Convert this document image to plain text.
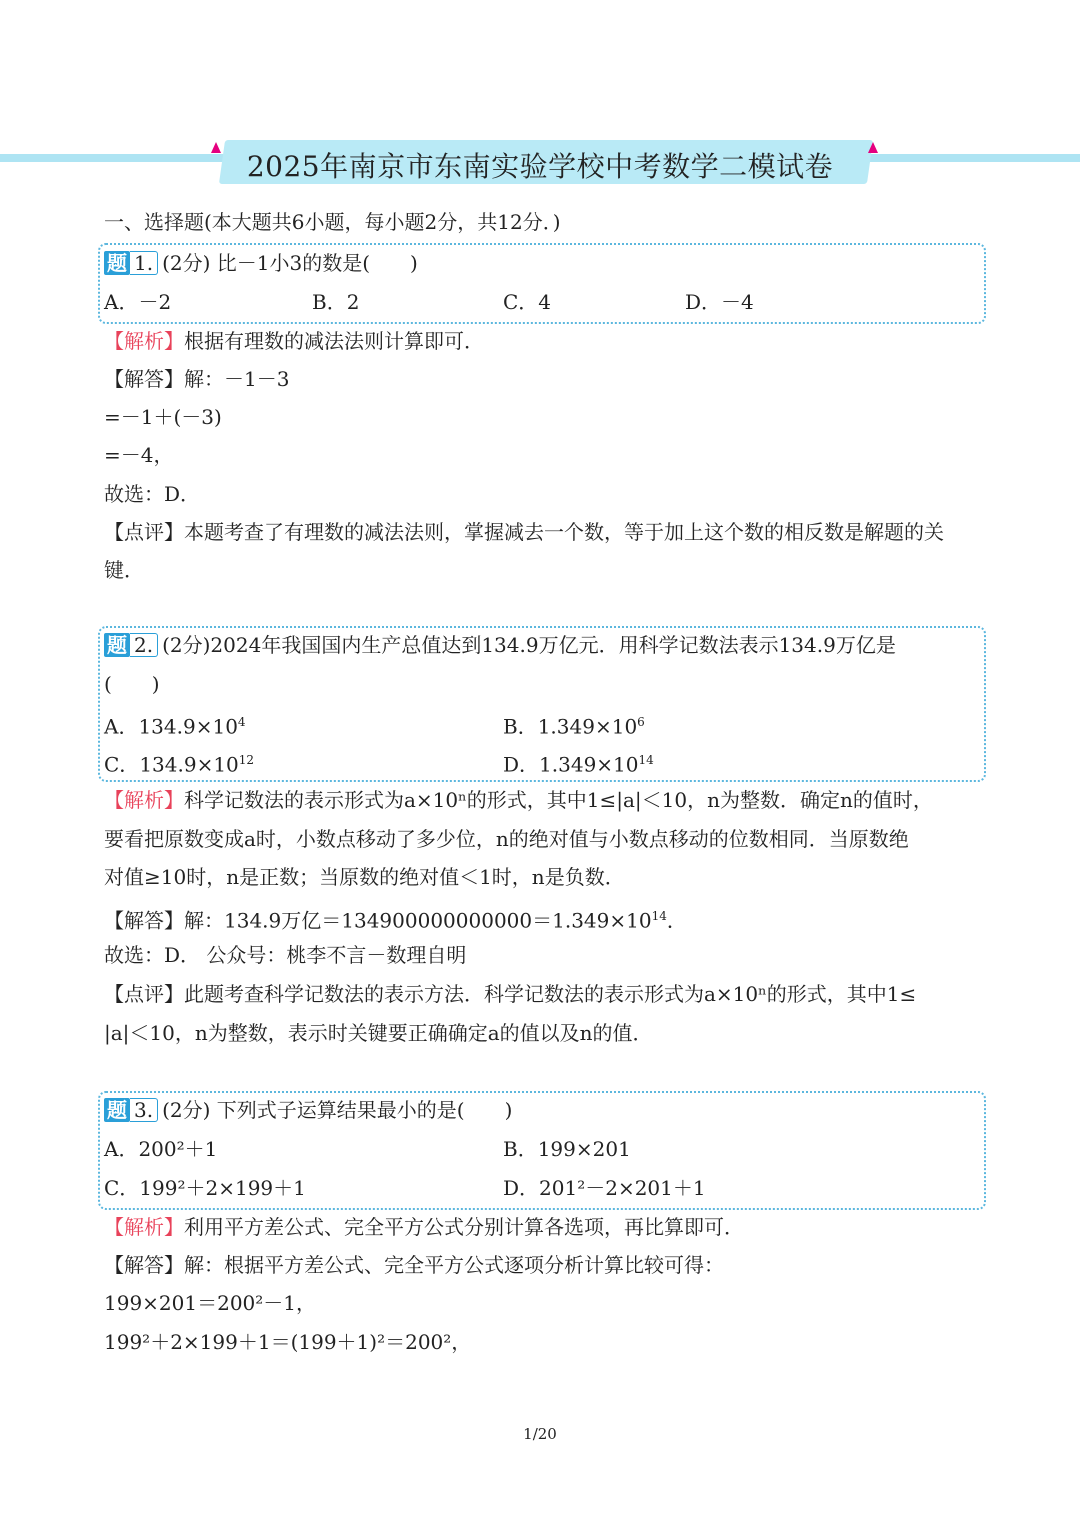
2025年南京市东南实验学校中考数学二模试卷
一、选择题(本大题共6小题，每小题2分，共12分．)
题 1. (2分) 比－1小3的数是(　　)
A．－2	B．2	C．4	D．－4
【解析】根据有理数的减法法则计算即可．
【解答】解：－1－3
=－1＋(－3)
=－4，
故选：D．
【点评】本题考查了有理数的减法法则，掌握减去一个数，等于加上这个数的相反数是解题的关
键．
题 2. (2分)2024年我国国内生产总值达到134.9万亿元．用科学记数法表示134.9万亿是
(　　)
A．$134.9\times 10^4$	B．$1.349\times 10^6$
C．$134.9\times 10^{12}$	D．$1.349\times 10^{14}$
【解析】科学记数法的表示形式为a×10ⁿ的形式，其中1≤|a|＜10，n为整数．确定n的值时，
要看把原数变成a时，小数点移动了多少位，n的绝对值与小数点移动的位数相同．当原数绝
对值≥10时，n是正数；当原数的绝对值＜1时，n是负数．
【解答】解：134.9万亿$=134900000000000=1.349\times 10^{14}$．
故选：D． 公众号：桃李不言－数理自明
【点评】此题考查科学记数法的表示方法．科学记数法的表示形式为a×10ⁿ的形式，其中1≤
|a|＜10，n为整数，表示时关键要正确确定a的值以及n的值．
题 3. (2分) 下列式子运算结果最小的是(　　)
A．200²＋1	B．199×201
C．199²＋2×199＋1	D．201²－2×201＋1
【解析】利用平方差公式、完全平方公式分别计算各选项，再比算即可．
【解答】解：根据平方差公式、完全平方公式逐项分析计算比较可得：
199×201＝200²－1，
199²＋2×199＋1＝(199＋1)²＝200²，
1/20
